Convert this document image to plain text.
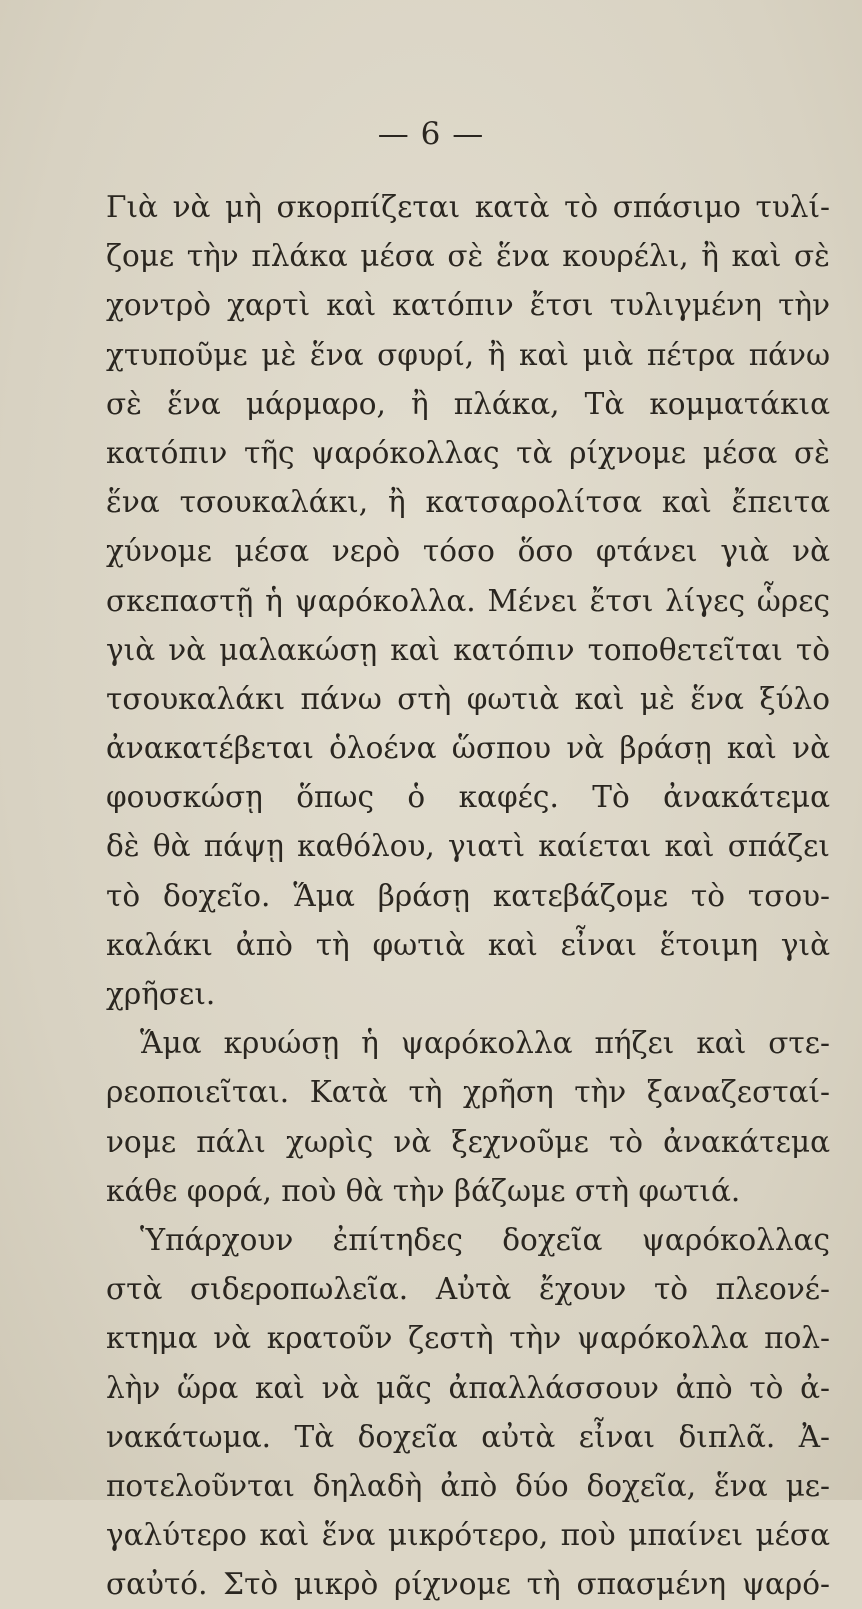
— 6 —
Γιὰ νὰ μὴ σκορπίζεται κατὰ τὸ σπάσιμο τυλί-
ζομε τὴν πλάκα μέσα σὲ ἕνα κουρέλι, ἢ καὶ σὲ
χοντρὸ χαρτὶ καὶ κατόπιν ἔτσι τυλιγμένη τὴν
χτυποῦμε μὲ ἕνα σφυρί, ἢ καὶ μιὰ πέτρα πάνω
σὲ ἕνα μάρμαρο, ἢ πλάκα, Τὰ κομματάκια
κατόπιν τῆς ψαρόκολλας τὰ ρίχνομε μέσα σὲ
ἕνα τσουκαλάκι, ἢ κατσαρολίτσα καὶ ἔπειτα
χύνομε μέσα νερὸ τόσο ὅσο φτάνει γιὰ νὰ
σκεπαστῇ ἡ ψαρόκολλα. Μένει ἔτσι λίγες ὧρες
γιὰ νὰ μαλακώσῃ καὶ κατόπιν τοποθετεῖται τὸ
τσουκαλάκι πάνω στὴ φωτιὰ καὶ μὲ ἕνα ξύλο
ἀνακατέβεται ὁλοένα ὥσπου νὰ βράσῃ καὶ νὰ
φουσκώσῃ ὅπως ὁ καφές. Τὸ ἀνακάτεμα
δὲ θὰ πάψῃ καθόλου, γιατὶ καίεται καὶ σπάζει
τὸ δοχεῖο. Ἅμα βράσῃ κατεβάζομε τὸ τσου-
καλάκι ἀπὸ τὴ φωτιὰ καὶ εἶναι ἕτοιμη γιὰ
χρῆσει.
Ἅμα κρυώσῃ ἡ ψαρόκολλα πήζει καὶ στε-
ρεοποιεῖται. Κατὰ τὴ χρῆση τὴν ξαναζεσταί-
νομε πάλι χωρὶς νὰ ξεχνοῦμε τὸ ἀνακάτεμα
κάθε φορά, ποὺ θὰ τὴν βάζωμε στὴ φωτιά.
Ὑπάρχουν ἐπίτηδες δοχεῖα ψαρόκολλας
στὰ σιδεροπωλεῖα. Αὐτὰ ἔχουν τὸ πλεονέ-
κτημα νὰ κρατοῦν ζεστὴ τὴν ψαρόκολλα πολ-
λὴν ὥρα καὶ νὰ μᾶς ἀπαλλάσσουν ἀπὸ τὸ ἀ-
νακάτωμα. Τὰ δοχεῖα αὐτὰ εἶναι διπλᾶ. Ἀ-
ποτελοῦνται δηλαδὴ ἀπὸ δύο δοχεῖα, ἕνα με-
γαλύτερο καὶ ἕνα μικρότερο, ποὺ μπαίνει μέσα
σαὐτό. Στὸ μικρὸ ρίχνομε τὴ σπασμένη ψαρό-
